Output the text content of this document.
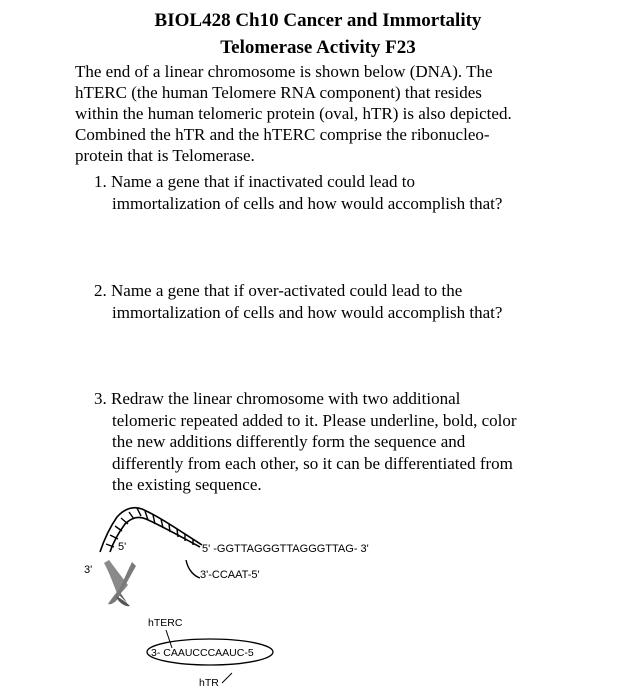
BIOL428 Ch10 Cancer and Immortality
Telomerase Activity F23
The end of a linear chromosome is shown below (DNA). The
hTERC (the human Telomere RNA component) that resides
within the human telomeric protein (oval, hTR) is also depicted.
Combined the hTR and the hTERC comprise the ribonucleo-
protein that is Telomerase.
1. Name a gene that if inactivated could lead to
immortalization of cells and how would accomplish that?
2. Name a gene that if over-activated could lead to the
immortalization of cells and how would accomplish that?
3. Redraw the linear chromosome with two additional
telomeric repeated added to it. Please underline, bold, color
the new additions differently form the sequence and
differently from each other, so it can be differentiated from
the existing sequence.
5'
3'
5' -GGTTAGGGTTAGGGTTAG- 3'
3'-CCAAT-5'
hTERC
3- CAAUCCCAAUC-5
hTR
